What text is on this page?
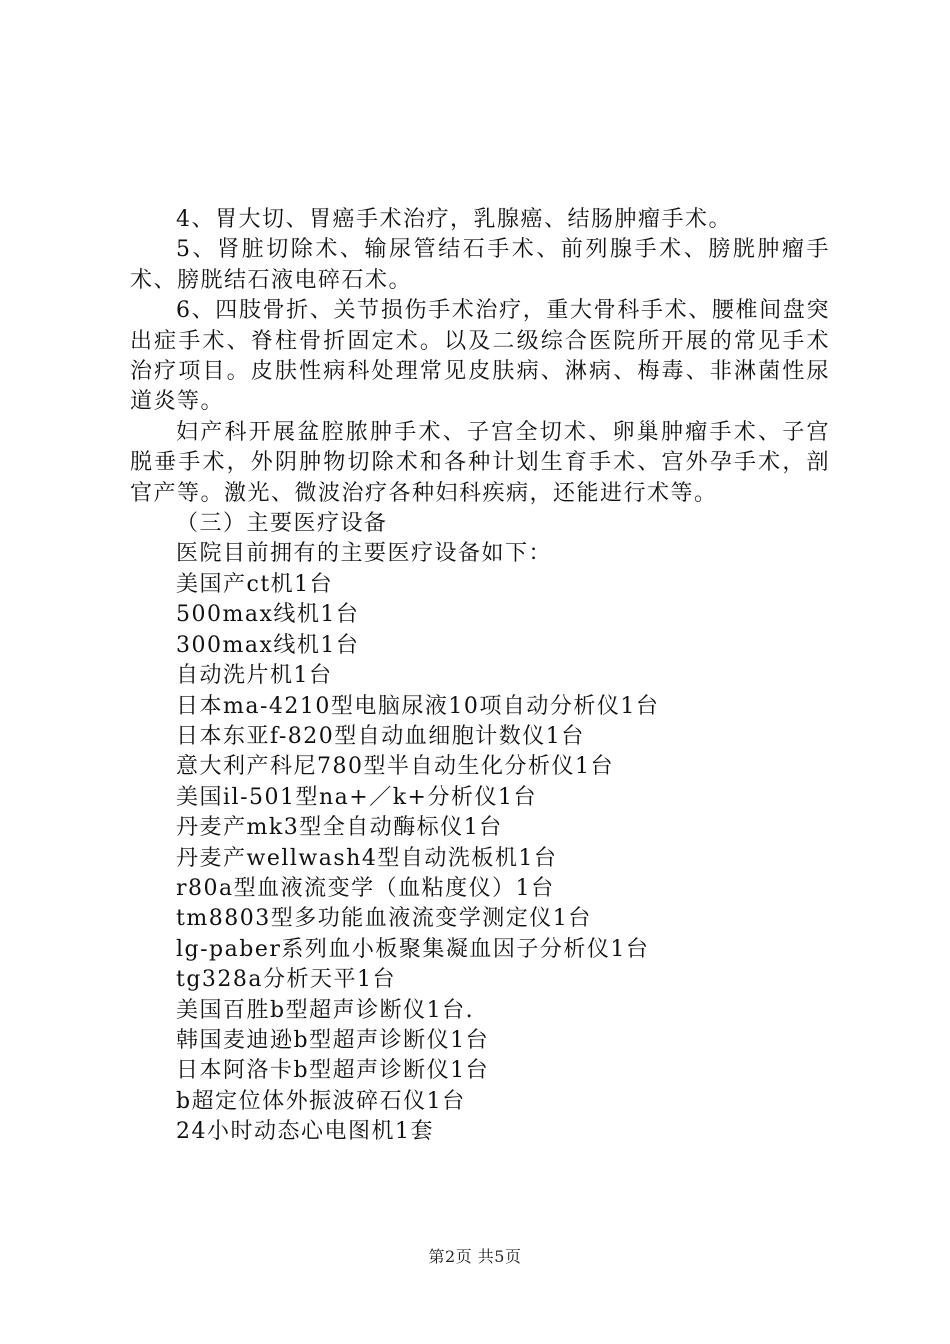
4、胃大切、胃癌手术治疗，乳腺癌、结肠肿瘤手术。

5、肾脏切除术、输尿管结石手术、前列腺手术、膀胱肿瘤手术、膀胱结石液电碎石术。

6、四肢骨折、关节损伤手术治疗，重大骨科手术、腰椎间盘突出症手术、脊柱骨折固定术。以及二级综合医院所开展的常见手术治疗项目。皮肤性病科处理常见皮肤病、淋病、梅毒、非淋菌性尿道炎等。

妇产科开展盆腔脓肿手术、子宫全切术、卵巢肿瘤手术、子宫脱垂手术，外阴肿物切除术和各种计划生育手术、宫外孕手术，剖官产等。激光、微波治疗各种妇科疾病，还能进行术等。

（三）主要医疗设备

医院目前拥有的主要医疗设备如下：

美国产ct机1台

500max线机1台

300max线机1台

自动洗片机1台

日本ma-4210型电脑尿液10项自动分析仪1台

日本东亚f-820型自动血细胞计数仪1台

意大利产科尼780型半自动生化分析仪1台

美国il-501型na+／k+分析仪1台

丹麦产mk3型全自动酶标仪1台

丹麦产wellwash4型自动洗板机1台

r80a型血液流变学（血粘度仪）1台

tm8803型多功能血液流变学测定仪1台

lg-paber系列血小板聚集凝血因子分析仪1台

tg328a分析天平1台

美国百胜b型超声诊断仪1台.

韩国麦迪逊b型超声诊断仪1台

日本阿洛卡b型超声诊断仪1台

b超定位体外振波碎石仪1台

24小时动态心电图机1套

第2页 共5页
